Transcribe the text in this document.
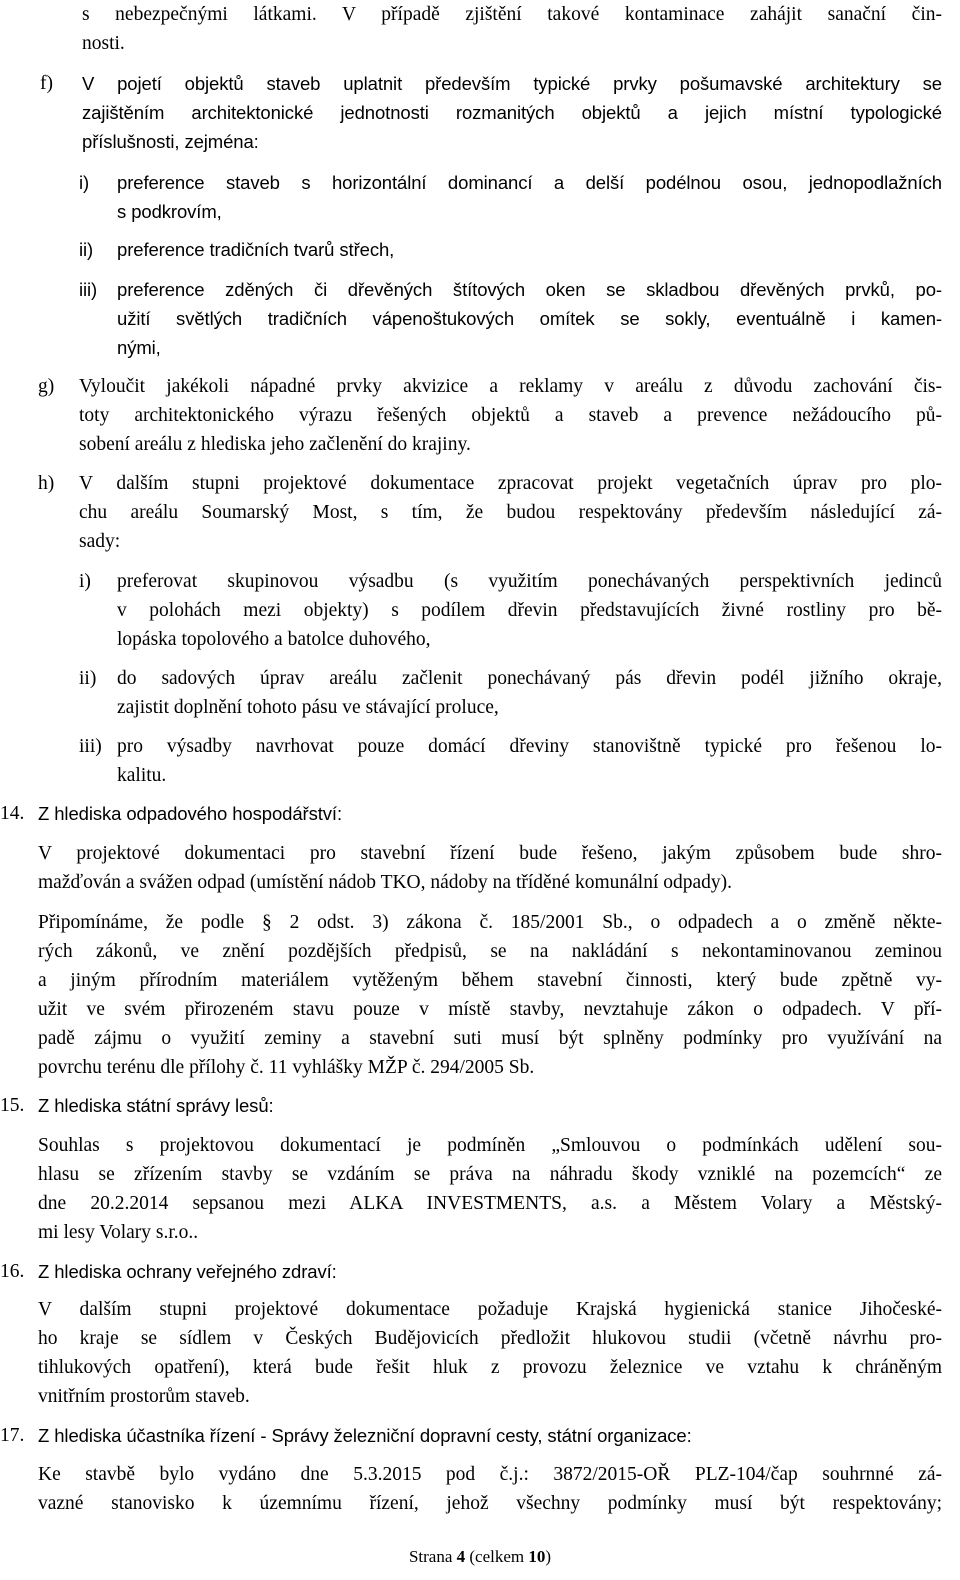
s nebezpečnými látkami. V případě zjištění takové kontaminace zahájit sanační čin-
nosti.
V pojetí objektů staveb uplatnit především typické prvky pošumavské architektury se
zajištěním architektonické jednotnosti rozmanitých objektů a jejich místní typologické
příslušnosti, zejména:
preference staveb s horizontální dominancí a delší podélnou osou, jednopodlažních
s podkrovím,
preference tradičních tvarů střech,
preference zděných či dřevěných štítových oken se skladbou dřevěných prvků, po-
užití světlých tradičních vápenoštukových omítek se sokly, eventuálně i kamen-
nými,
Vyloučit jakékoli nápadné prvky akvizice a reklamy v areálu z důvodu zachování čis-
toty architektonického výrazu řešených objektů a staveb a prevence nežádoucího pů-
sobení areálu z hlediska jeho začlenění do krajiny.
V dalším stupni projektové dokumentace zpracovat projekt vegetačních úprav pro plo-
chu areálu Soumarský Most, s tím, že budou respektovány především následující zá-
sady:
preferovat skupinovou výsadbu (s využitím ponechávaných perspektivních jedinců
v polohách mezi objekty) s podílem dřevin představujících živné rostliny pro bě-
lopáska topolového a batolce duhového,
do sadových úprav areálu začlenit ponechávaný pás dřevin podél jižního okraje,
zajistit doplnění tohoto pásu ve stávající proluce,
pro výsadby navrhovat pouze domácí dřeviny stanovištně typické pro řešenou lo-
kalitu.
Z hlediska odpadového hospodářství:
V projektové dokumentaci pro stavební řízení bude řešeno, jakým způsobem bude shro-
mažďován a svážen odpad (umístění nádob TKO, nádoby na tříděné komunální odpady).
Připomínáme, že podle § 2 odst. 3) zákona č. 185/2001 Sb., o odpadech a o změně někte-
rých zákonů, ve znění pozdějších předpisů, se na nakládání s nekontaminovanou zeminou
a jiným přírodním materiálem vytěženým během stavební činnosti, který bude zpětně vy-
užit ve svém přirozeném stavu pouze v místě stavby, nevztahuje zákon o odpadech. V pří-
padě zájmu o využití zeminy a stavební suti musí být splněny podmínky pro využívání na
povrchu terénu dle přílohy č. 11 vyhlášky MŽP č. 294/2005 Sb.
Z hlediska státní správy lesů:
Souhlas s projektovou dokumentací je podmíněn „Smlouvou o podmínkách udělení sou-
hlasu se zřízením stavby se vzdáním se práva na náhradu škody vzniklé na pozemcích“ ze
dne 20.2.2014 sepsanou mezi ALKA INVESTMENTS, a.s. a Městem Volary a Městský-
mi lesy Volary s.r.o..
Z hlediska ochrany veřejného zdraví:
V dalším stupni projektové dokumentace požaduje Krajská hygienická stanice Jihočeské-
ho kraje se sídlem v Českých Budějovicích předložit hlukovou studii (včetně návrhu pro-
tihlukových opatření), která bude řešit hluk z provozu železnice ve vztahu k chráněným
vnitřním prostorům staveb.
Z hlediska účastníka řízení - Správy železniční dopravní cesty, státní organizace:
Ke stavbě bylo vydáno dne 5.3.2015 pod č.j.: 3872/2015-OŘ PLZ-104/čap souhrnné zá-
vazné stanovisko k územnímu řízení, jehož všechny podmínky musí být respektovány;
f)
i)
ii)
iii)
g)
h)
i)
ii)
iii)
14.
15.
16.
17.
Strana 4 (celkem 10)
